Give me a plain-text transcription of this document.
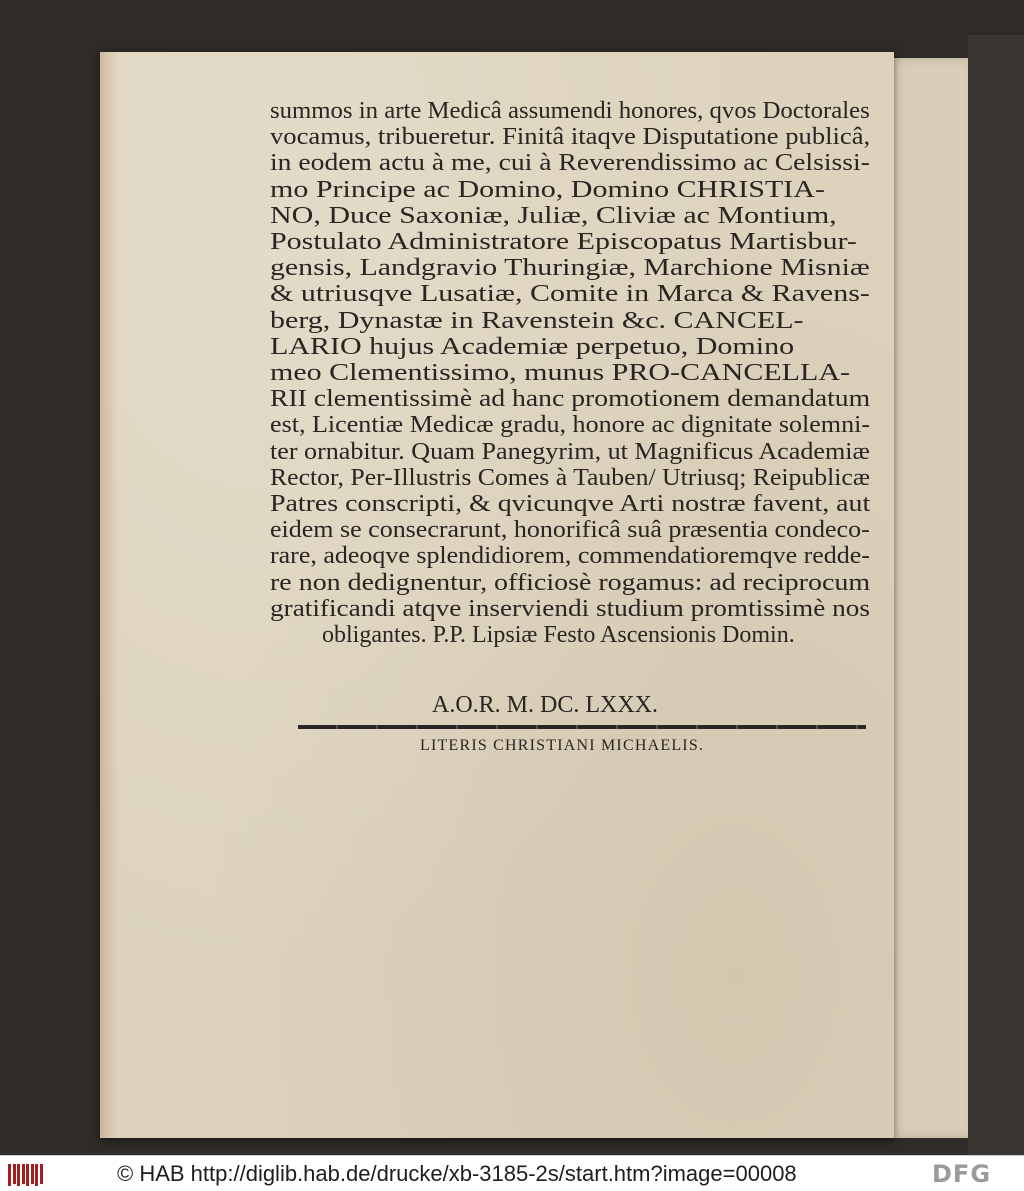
summos in arte Medicâ assumendi honores, qvos Doctorales
vocamus, tribueretur. Finitâ itaqve Disputatione publicâ,
in eodem actu à me, cui à Reverendissimo ac Celsissi-
mo Principe ac Domino, Domino CHRISTIA-
NO, Duce Saxoniæ, Juliæ, Cliviæ ac Montium,
Postulato Administratore Episcopatus Martisbur-
gensis, Landgravio Thuringiæ, Marchione Misniæ
& utriusqve Lusatiæ, Comite in Marca & Ravens-
berg, Dynastæ in Ravenstein &c. CANCEL-
LARIO hujus Academiæ perpetuo, Domino
meo Clementissimo, munus PRO-CANCELLA-
RII clementissimè ad hanc promotionem demandatum
est, Licentiæ Medicæ gradu, honore ac dignitate solemni-
ter ornabitur. Quam Panegyrim, ut Magnificus Academiæ
Rector, Per-Illustris Comes à Tauben/ Utriusq; Reipublicæ
Patres conscripti, & qvicunqve Arti nostræ favent, aut
eidem se consecrarunt, honorificâ suâ præsentia condeco-
rare, adeoqve splendidiorem, commendatioremqve redde-
re non dedignentur, officiosè rogamus: ad reciprocum
gratificandi atqve inserviendi studium promtissimè nos
obligantes. P.P. Lipsiæ Festo Ascensionis Domin.
A.O.R. M. DC. LXXX.
LITERIS CHRISTIANI MICHAELIS.
© HAB http://diglib.hab.de/drucke/xb-3185-2s/start.htm?image=00008	DFG
